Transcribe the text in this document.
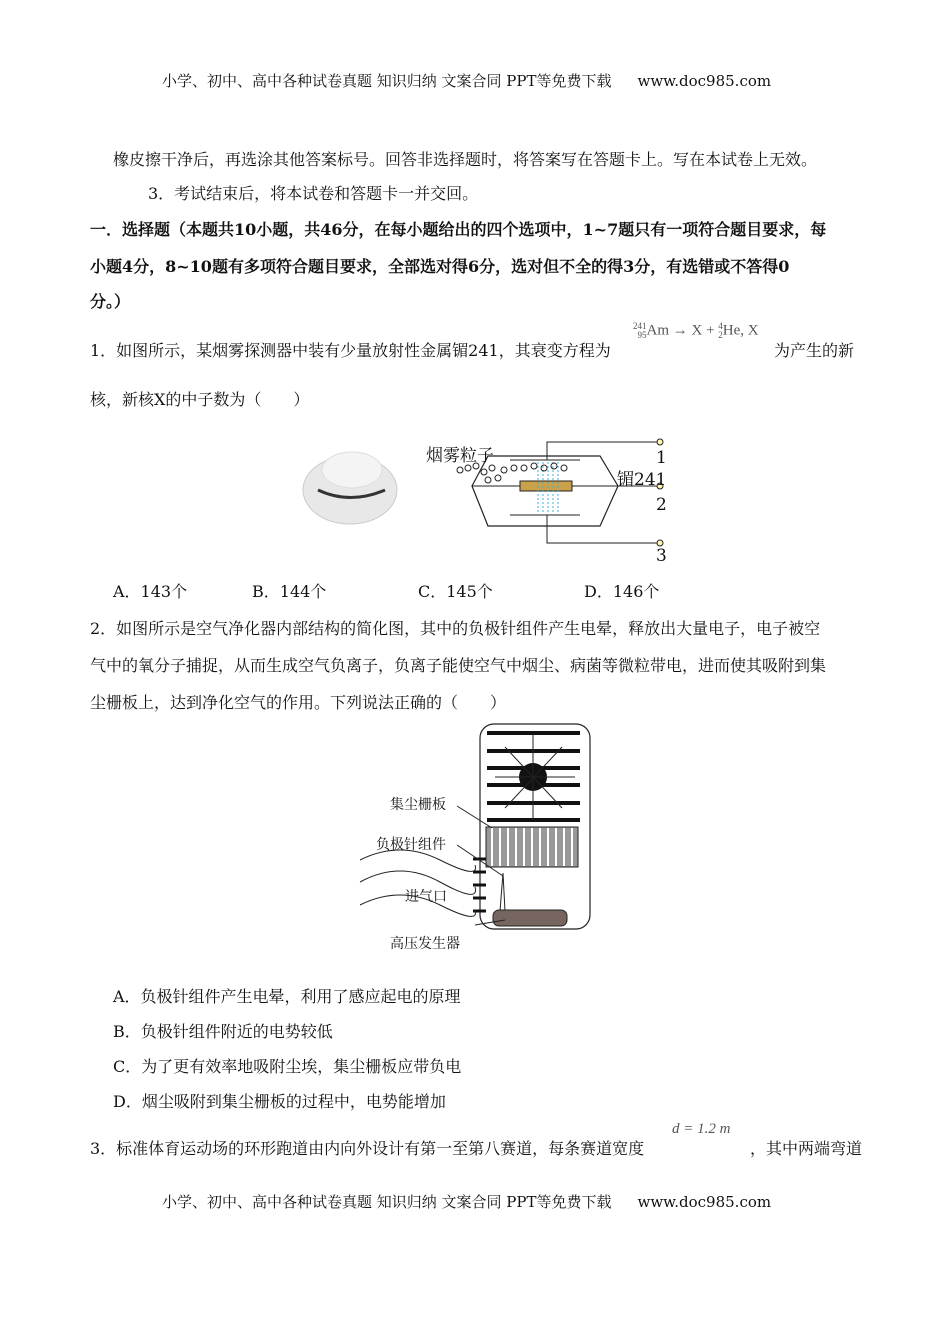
小学、初中、高中各种试卷真题 知识归纳 文案合同 PPT等免费下载 www.doc985.com
橡皮擦干净后，再选涂其他答案标号。回答非选择题时，将答案写在答题卡上。写在本试卷上无效。
3．考试结束后，将本试卷和答题卡一并交回。
一．选择题（本题共10小题，共46分，在每小题给出的四个选项中，1~7题只有一项符合题目要求，每
小题4分，8~10题有多项符合题目要求，全部选对得6分，选对但不全的得3分，有选错或不答得0
分。）
1．如图所示，某烟雾探测器中装有少量放射性金属镅241，其衰变方程为
241
95Am → X + 4
2He, X
为产生的新
核，新核X的中子数为（　　）
烟雾粒子
镅241
1
2
3
A．143个	B．144个	C．145个	D．146个
2．如图所示是空气净化器内部结构的简化图，其中的负极针组件产生电晕，释放出大量电子，电子被空
气中的氧分子捕捉，从而生成空气负离子，负离子能使空气中烟尘、病菌等微粒带电，进而使其吸附到集
尘栅板上，达到净化空气的作用。下列说法正确的（　　）
集尘栅板
负极针组件
进气口
高压发生器
A．负极针组件产生电晕，利用了感应起电的原理
B．负极针组件附近的电势较低
C．为了更有效率地吸附尘埃，集尘栅板应带负电
D．烟尘吸附到集尘栅板的过程中，电势能增加
3．标准体育运动场的环形跑道由内向外设计有第一至第八赛道，每条赛道宽度
d = 1.2 m
，其中两端弯道
小学、初中、高中各种试卷真题 知识归纳 文案合同 PPT等免费下载 www.doc985.com
